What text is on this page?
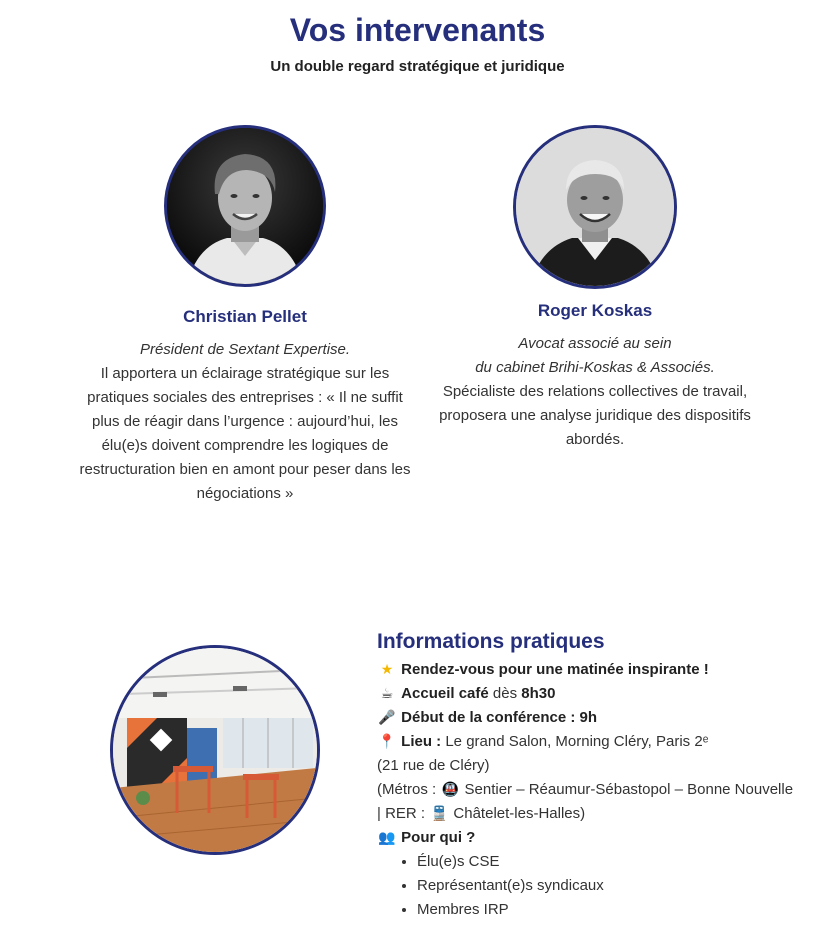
Vos intervenants
Un double regard stratégique et juridique
Christian Pellet
Président de Sextant Expertise.
Il apportera un éclairage stratégique sur les pratiques sociales des entreprises : « Il ne suffit plus de réagir dans l’urgence : aujourd’hui, les élu(e)s doivent comprendre les logiques de restructuration bien en amont pour peser dans les négociations »
Roger Koskas
Avocat associé au sein
du cabinet Brihi-Koskas & Associés.
Spécialiste des relations collectives de travail, proposera une analyse juridique des dispositifs abordés.
Informations pratiques
★ Rendez-vous pour une matinée inspirante !
☕ Accueil café dès 8h30
🎤 Début de la conférence : 9h
📍 Lieu : Le grand Salon, Morning Cléry, Paris 2ᵉ
(21 rue de Cléry)
(Métros : 🚇 Sentier – Réaumur-Sébastopol – Bonne Nouvelle | RER : 🚆 Châtelet-les-Halles)
👥 Pour qui ?
• Élu(e)s CSE
• Représentant(e)s syndicaux
• Membres IRP
